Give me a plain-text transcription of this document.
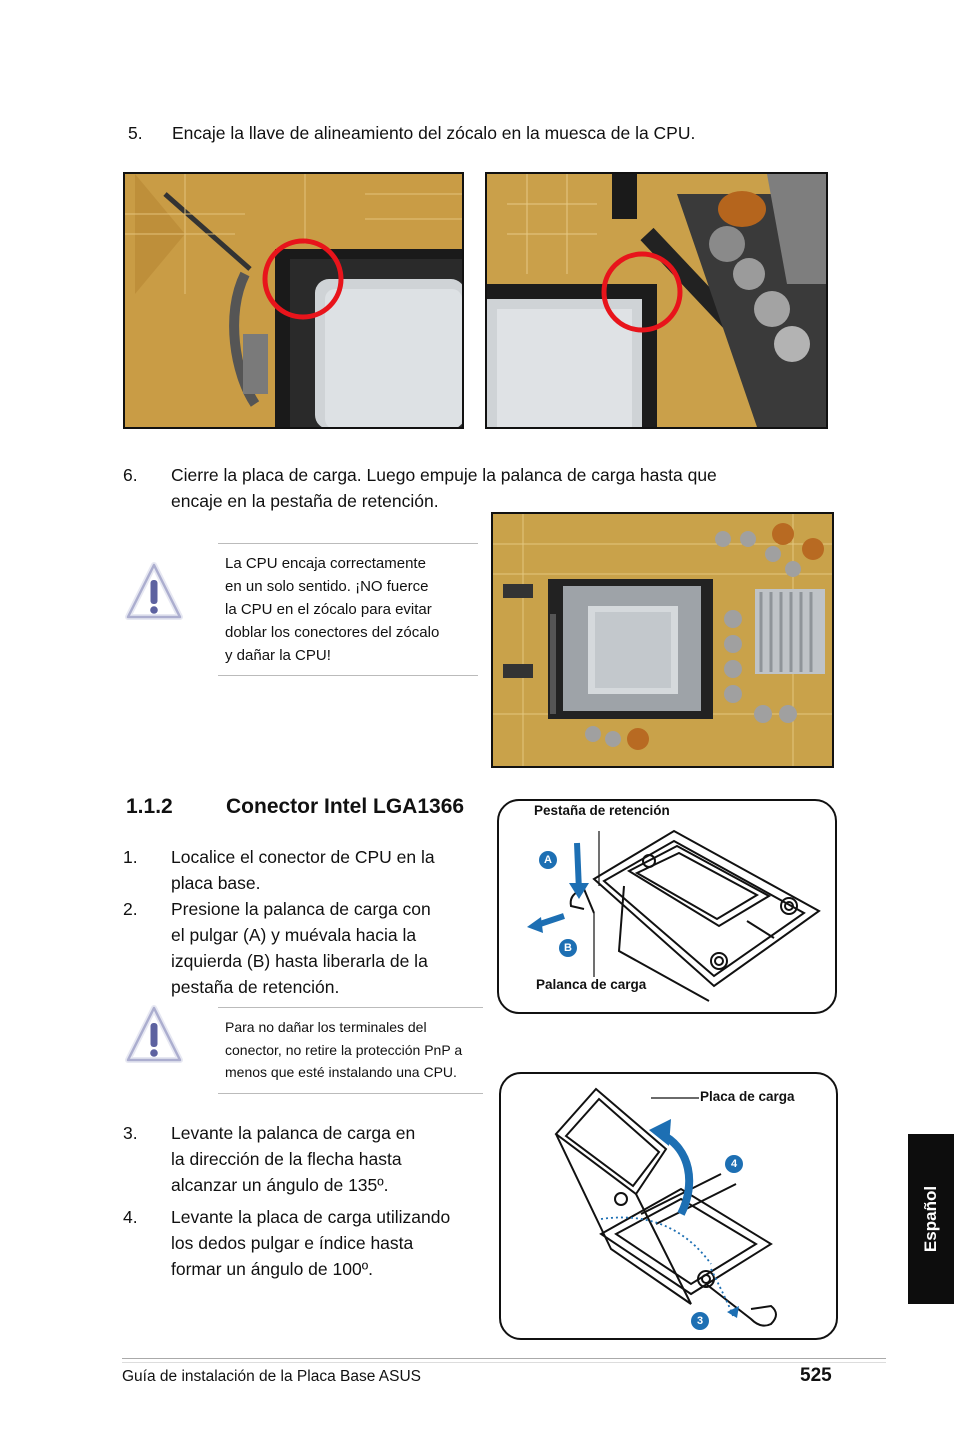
5. Encaje la llave de alineamiento del zócalo en la muesca de la CPU.
6. Cierre la placa de carga. Luego empuje la palanca de carga hasta que
encaje en la pestaña de retención.
La CPU encaja correctamente
en un solo sentido. ¡NO fuerce
la CPU en el zócalo para evitar
doblar los conectores del zócalo
y dañar la CPU!
1.1.2	Conector Intel LGA1366
1. Localice el conector de CPU en la
placa base.
2. Presione la palanca de carga con
el pulgar (A) y muévala hacia la
izquierda (B) hasta liberarla de la
pestaña de retención.
Para no dañar los terminales del
conector, no retire la protección PnP a
menos que esté instalando una CPU.
3. Levante la palanca de carga en
la dirección de la flecha hasta
alcanzar un ángulo de 135º.
4. Levante la placa de carga utilizando
los dedos pulgar e índice hasta
formar un ángulo de 100º.
Pestaña de retención
Palanca de carga
A
B
Placa de carga
4
3
Español
Guía de instalación de la Placa Base ASUS	525
